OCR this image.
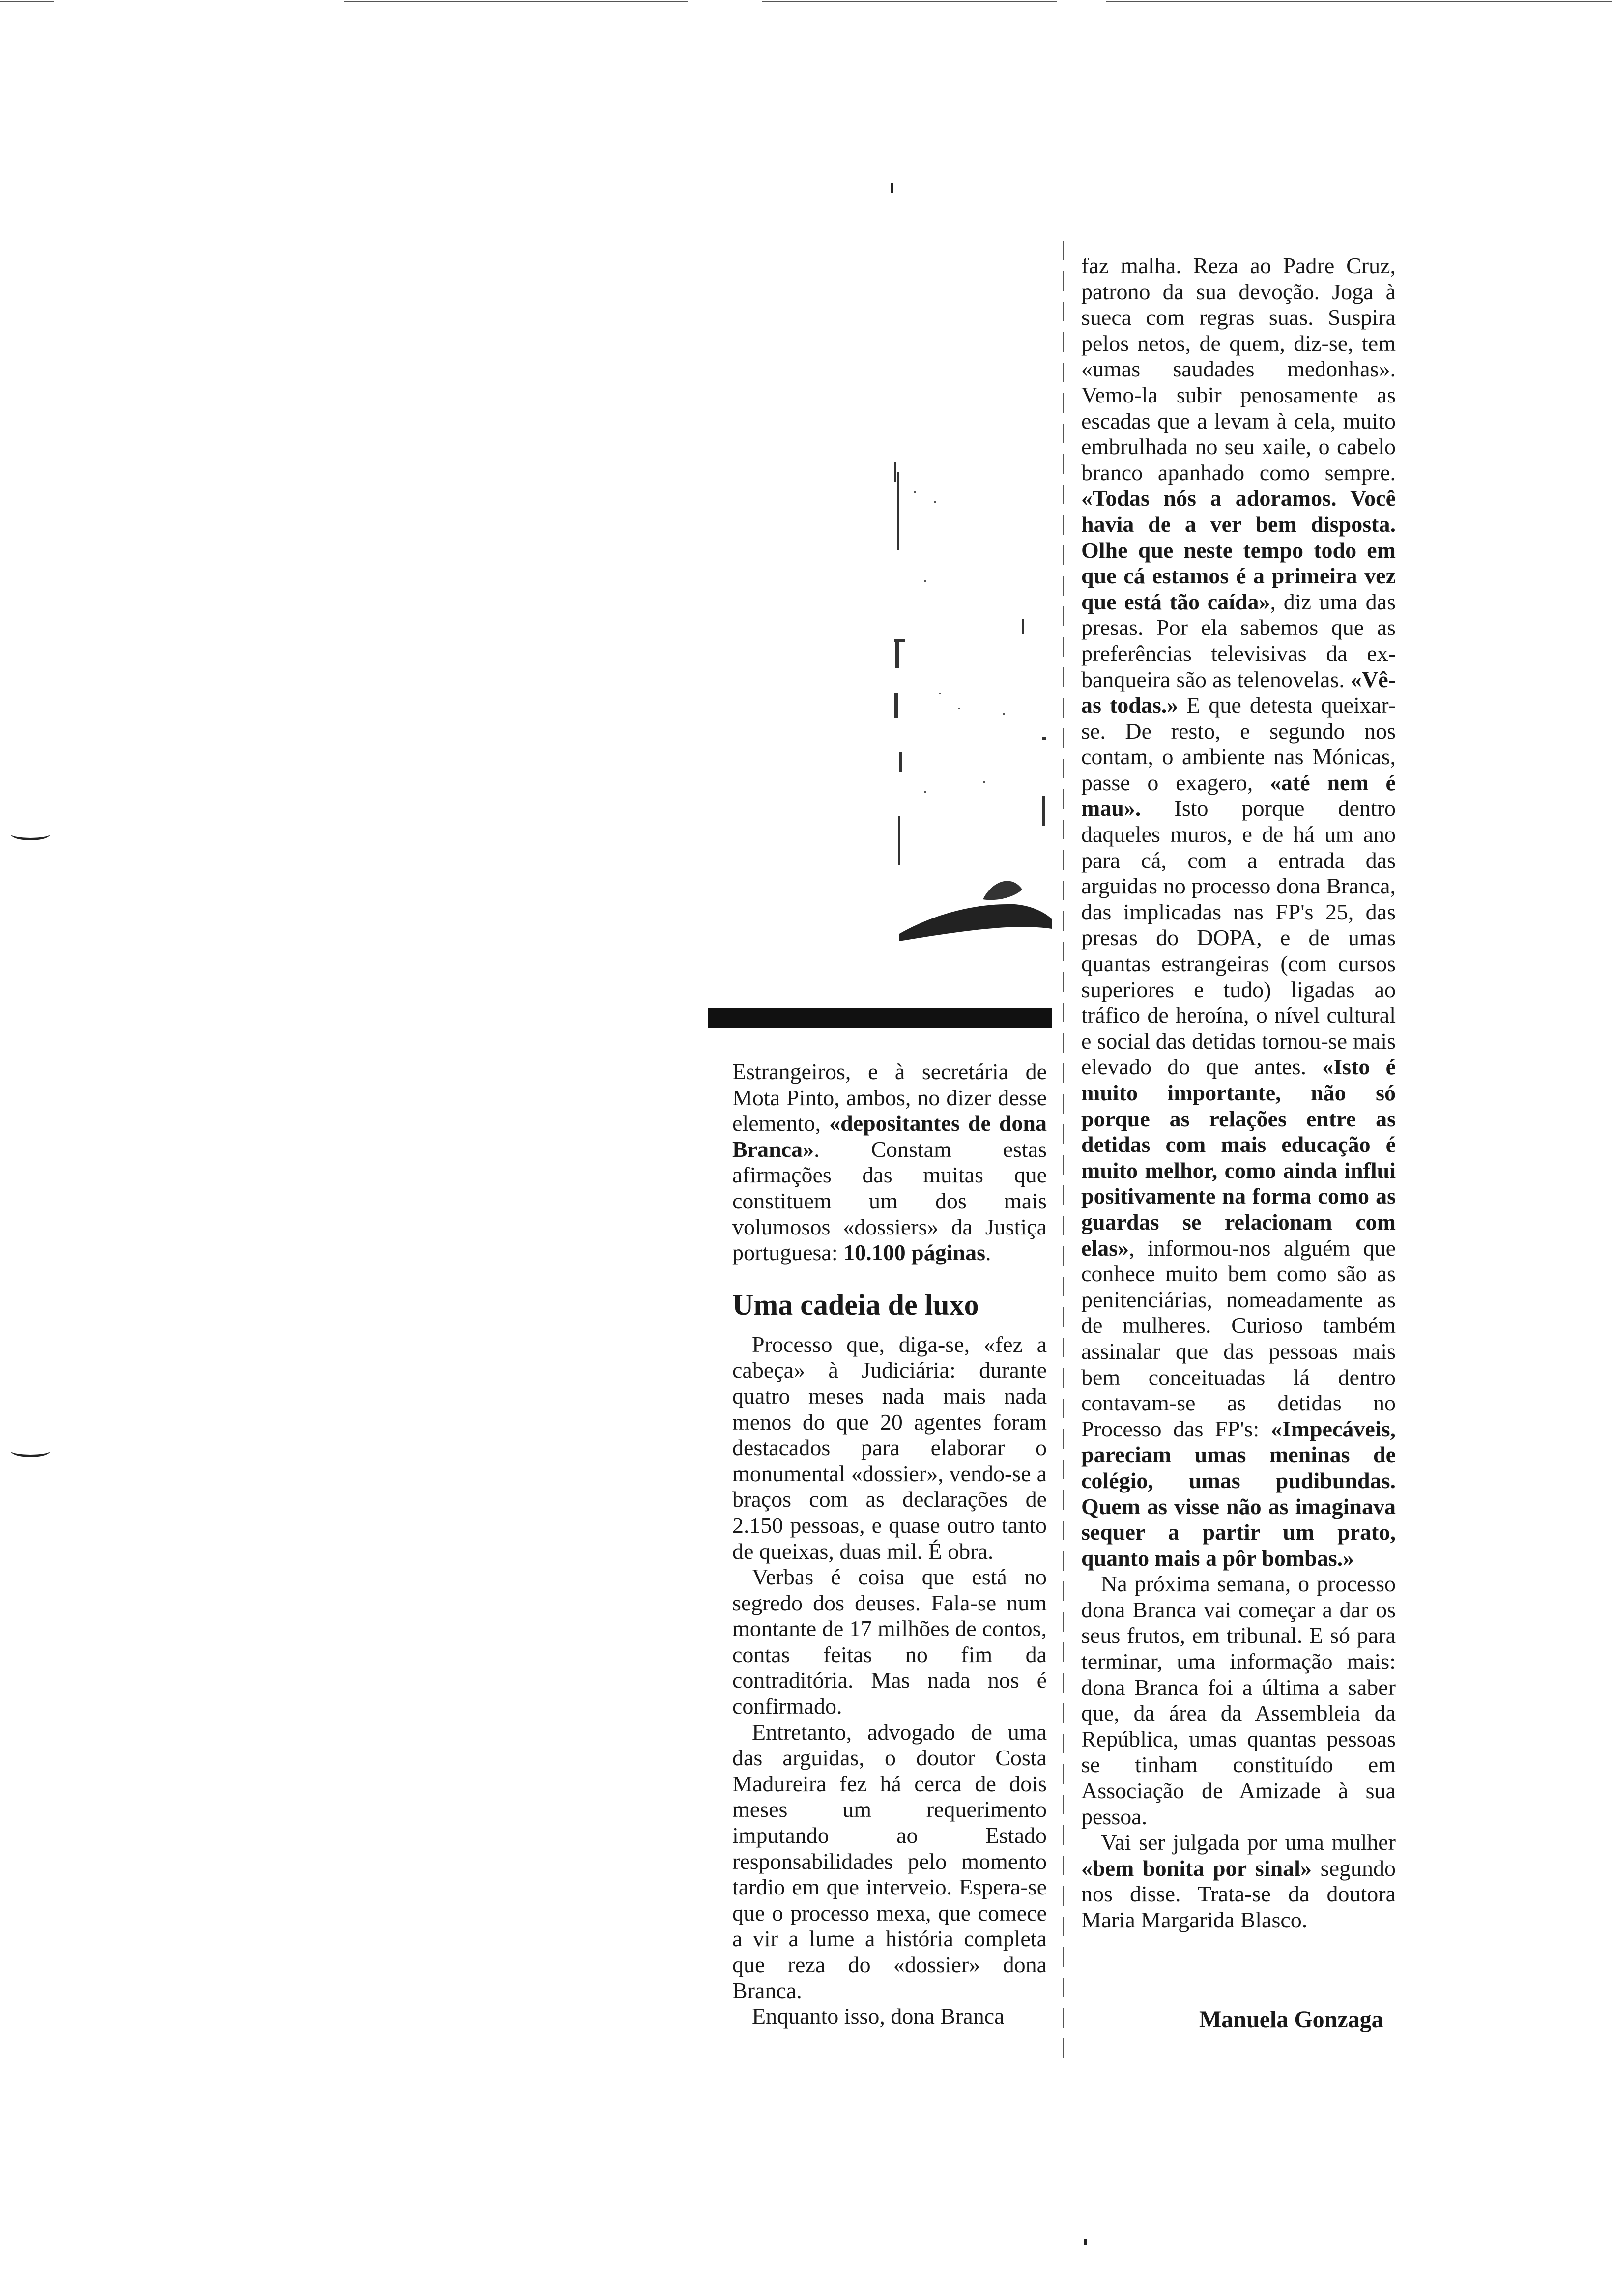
Estrangeiros, e à secretária de Mota Pinto, ambos, no dizer desse elemento, «depositantes de dona Branca». Constam estas afirmações das muitas que constituem um dos mais volumosos «dossiers» da Justiça portuguesa: 10.100 páginas.

Uma cadeia de luxo

Processo que, diga-se, «fez a cabeça» à Judiciária: durante quatro meses nada mais nada menos do que 20 agentes foram destacados para elaborar o monumental «dossier», vendo-se a braços com as declarações de 2.150 pessoas, e quase outro tanto de queixas, duas mil. É obra.

Verbas é coisa que está no segredo dos deuses. Fala-se num montante de 17 milhões de contos, contas feitas no fim da contraditória. Mas nada nos é confirmado.

Entretanto, advogado de uma das arguidas, o doutor Costa Madureira fez há cerca de dois meses um requerimento imputando ao Estado responsabilidades pelo momento tardio em que interveio. Espera-se que o processo mexa, que comece a vir a lume a história completa que reza do «dossier» dona Branca.

Enquanto isso, dona Branca

faz malha. Reza ao Padre Cruz, patrono da sua devoção. Joga à sueca com regras suas. Suspira pelos netos, de quem, diz-se, tem «umas saudades medonhas». Vemo-la subir penosamente as escadas que a levam à cela, muito embrulhada no seu xaile, o cabelo branco apanhado como sempre. «Todas nós a adoramos. Você havia de a ver bem disposta. Olhe que neste tempo todo em que cá estamos é a primeira vez que está tão caída», diz uma das presas. Por ela sabemos que as preferências televisivas da ex-banqueira são as telenovelas. «Vê-as todas.» E que detesta queixar-se. De resto, e segundo nos contam, o ambiente nas Mónicas, passe o exagero, «até nem é mau». Isto porque dentro daqueles muros, e de há um ano para cá, com a entrada das arguidas no processo dona Branca, das implicadas nas FP's 25, das presas do DOPA, e de umas quantas estrangeiras (com cursos superiores e tudo) ligadas ao tráfico de heroína, o nível cultural e social das detidas tornou-se mais elevado do que antes. «Isto é muito importante, não só porque as relações entre as detidas com mais educação é muito melhor, como ainda influi positivamente na forma como as guardas se relacionam com elas», informou-nos alguém que conhece muito bem como são as penitenciárias, nomeadamente as de mulheres. Curioso também assinalar que das pessoas mais bem conceituadas lá dentro contavam-se as detidas no Processo das FP's: «Impecáveis, pareciam umas meninas de colégio, umas pudibundas. Quem as visse não as imaginava sequer a partir um prato, quanto mais a pôr bombas.»

Na próxima semana, o processo dona Branca vai começar a dar os seus frutos, em tribunal. E só para terminar, uma informação mais: dona Branca foi a última a saber que, da área da Assembleia da República, umas quantas pessoas se tinham constituído em Associação de Amizade à sua pessoa.

Vai ser julgada por uma mulher «bem bonita por sinal» segundo nos disse. Trata-se da doutora Maria Margarida Blasco.

Manuela Gonzaga
